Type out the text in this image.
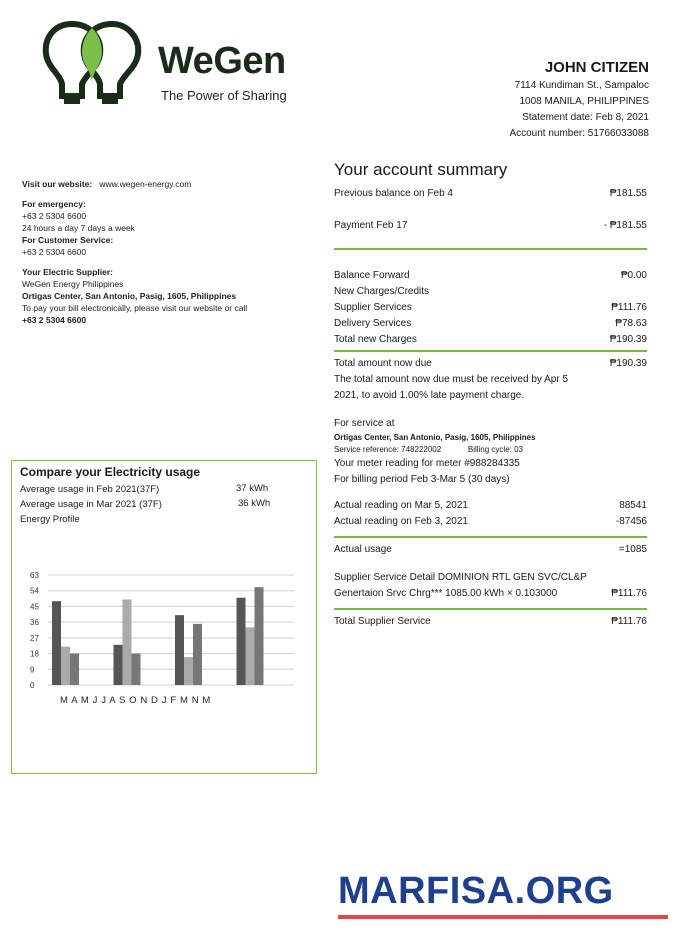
WeGen
The Power of Sharing
JOHN CITIZEN
7114 Kundiman St., Sampaloc
1008 MANILA, PHILIPPINES
Statement date: Feb 8, 2021
Account number: 51766033088
Visit our website: www.wegen-energy.com
For emergency:
+63 2 5304 6600
24 hours a day 7 days a week
For Customer Service:
+63 2 5304 6600
Your Electric Supplier:
WeGen Energy Philippines
Ortigas Center, San Antonio, Pasig, 1605, Philippines
To pay your bill electronically, please visit our website or call
+63 2 5304 6600
Your account summary
Previous balance on Feb 4	₱181.55
Payment Feb 17	- ₱181.55
Balance Forward	₱0.00
New Charges/Credits
Supplier Services	₱111.76
Delivery Services	₱78.63
Total new Charges	₱190.39
Total amount now due	₱190.39
The total amount now due must be received by Apr 5
2021, to avoid 1.00% late payment charge.
For service at
Ortigas Center, San Antonio, Pasig, 1605, Philippines
Service reference: 748222002	Billing cycle: 03
Your meter reading for meter #988284335
For billing period Feb 3-Mar 5 (30 days)
Actual reading on Mar 5, 2021	88541
Actual reading on Feb 3, 2021	-87456
Actual usage	=1085
Supplier Service Detail DOMINION RTL GEN SVC/CL&P
Genertaion Srvc Chrg*** 1085.00 kWh × 0.103000	₱111.76
Total Supplier Service	₱111.76
Compare your Electricity usage
Average usage in Feb 2021(37F)	37 kWh
Average usage in Mar 2021 (37F)	36 kWh
Energy Profile
0
9
18
27
36
45
54
63
M A M J J A S O N D J F M N M
MARFISA.ORG
